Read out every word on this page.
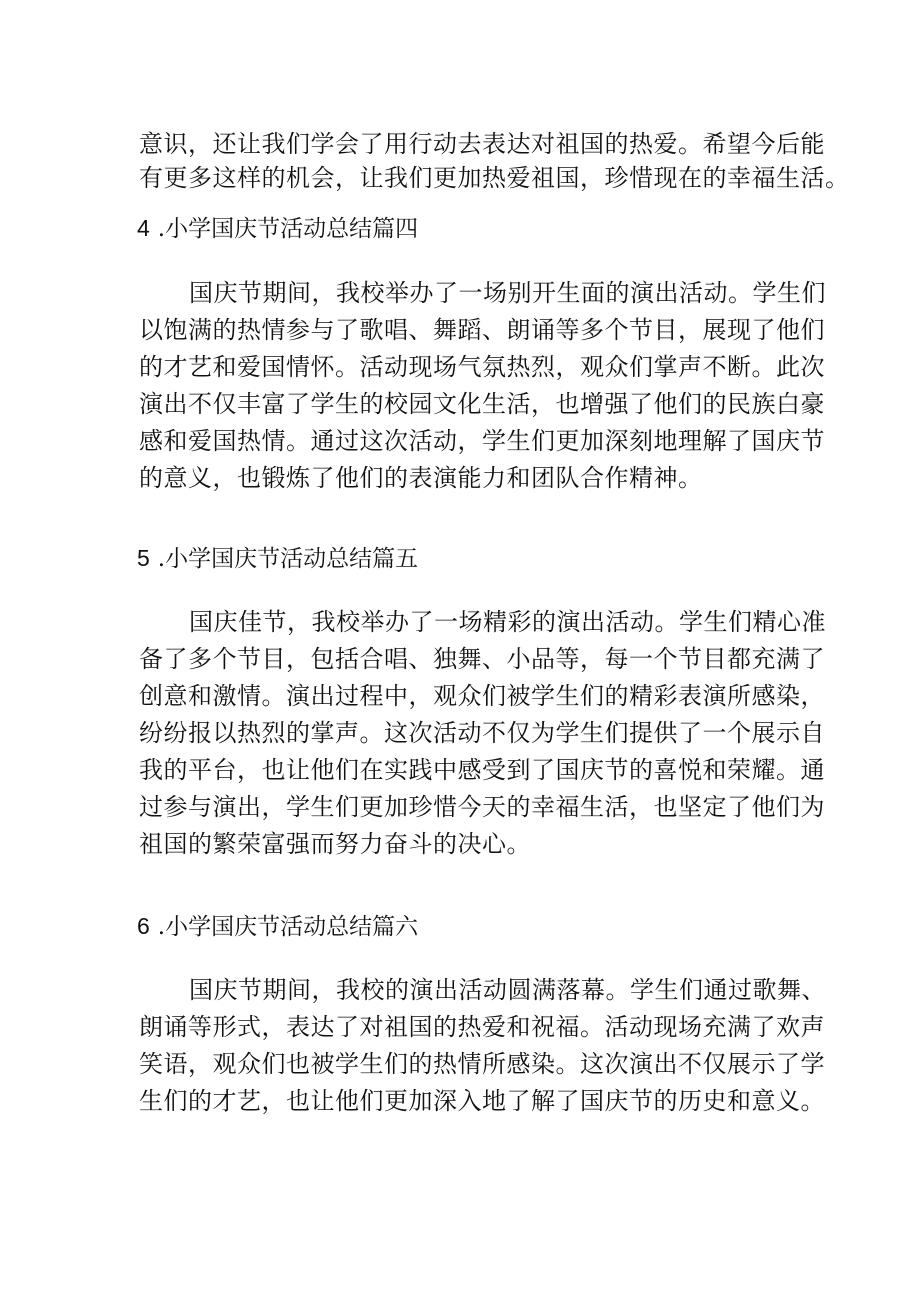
意识，还让我们学会了用行动去表达对祖国的热爱。希望今后能
有更多这样的机会，让我们更加热爱祖国，珍惜现在的幸福生活。
4 .小学国庆节活动总结篇四
国庆节期间，我校举办了一场别开生面的演出活动。学生们
以饱满的热情参与了歌唱、舞蹈、朗诵等多个节目，展现了他们
的才艺和爱国情怀。活动现场气氛热烈，观众们掌声不断。此次
演出不仅丰富了学生的校园文化生活，也增强了他们的民族白豪
感和爱国热情。通过这次活动，学生们更加深刻地理解了国庆节
的意义，也锻炼了他们的表演能力和团队合作精神。
5 .小学国庆节活动总结篇五
国庆佳节，我校举办了一场精彩的演出活动。学生们精心准
备了多个节目，包括合唱、独舞、小品等，每一个节目都充满了
创意和激情。演出过程中，观众们被学生们的精彩表演所感染，
纷纷报以热烈的掌声。这次活动不仅为学生们提供了一个展示自
我的平台，也让他们在实践中感受到了国庆节的喜悦和荣耀。通
过参与演出，学生们更加珍惜今天的幸福生活，也坚定了他们为
祖国的繁荣富强而努力奋斗的决心。
6 .小学国庆节活动总结篇六
国庆节期间，我校的演出活动圆满落幕。学生们通过歌舞、
朗诵等形式，表达了对祖国的热爱和祝福。活动现场充满了欢声
笑语，观众们也被学生们的热情所感染。这次演出不仅展示了学
生们的才艺，也让他们更加深入地了解了国庆节的历史和意义。
